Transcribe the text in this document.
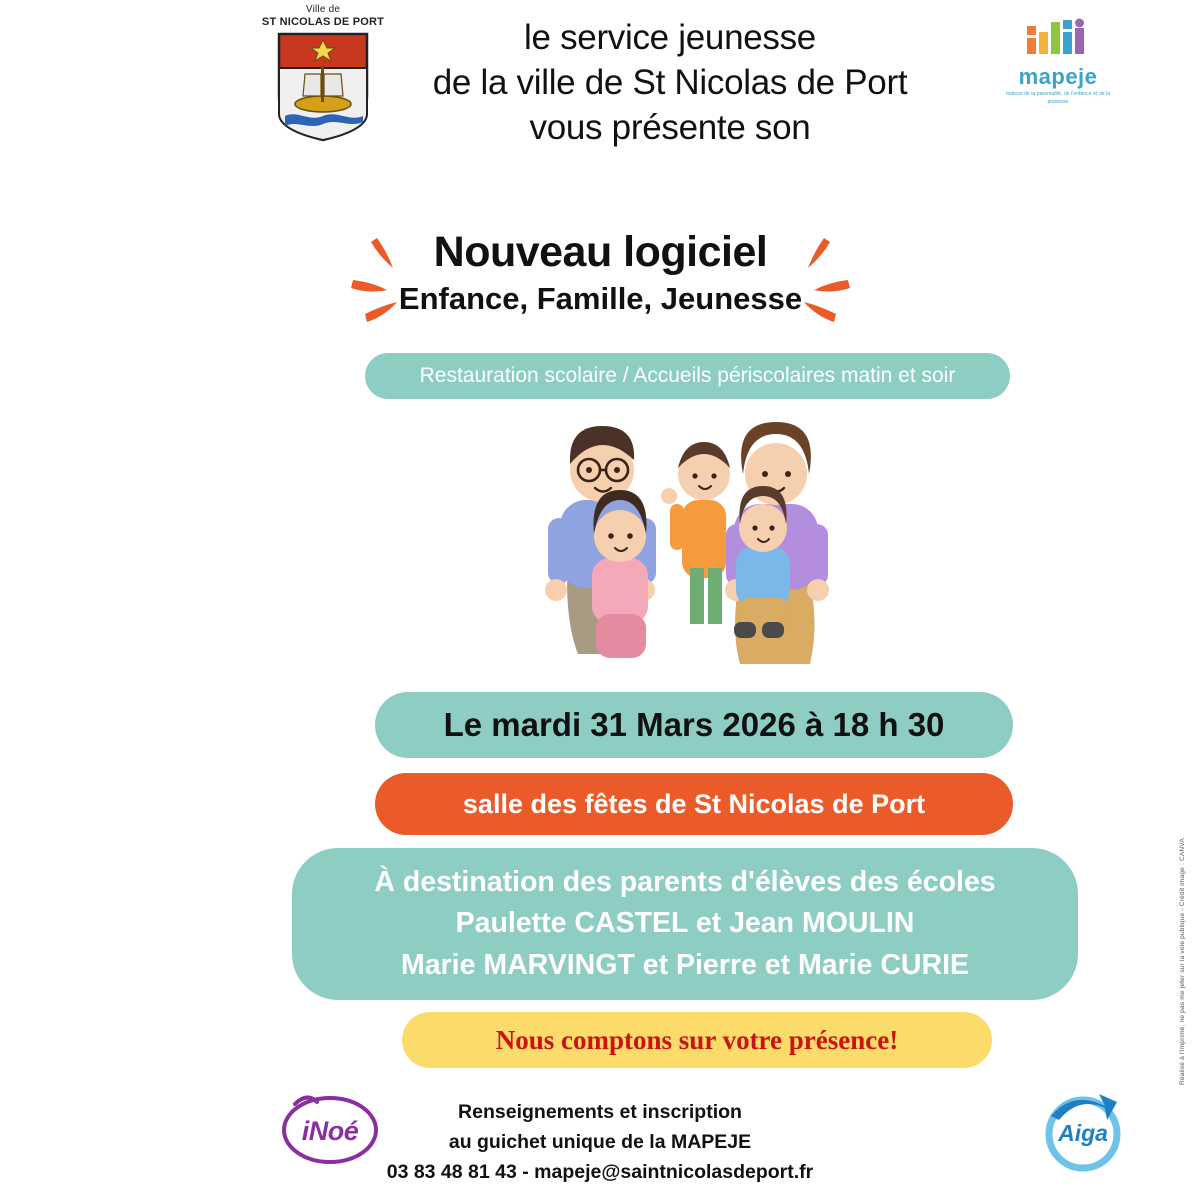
Ville de
ST NICOLAS DE PORT	le service jeunesse
de la ville de St Nicolas de Port
vous présente son
mapeje
maison de la parentalité, de l'enfance et de la jeunesse
Nouveau logiciel
Enfance, Famille, Jeunesse
Restauration scolaire / Accueils périscolaires matin et soir
Le mardi 31 Mars 2026 à 18 h 30
salle des fêtes de St Nicolas de Port
À destination des parents d'élèves des écoles
Paulette CASTEL et Jean MOULIN
Marie MARVINGT et Pierre et Marie CURIE
Nous comptons sur votre présence!
iNoé
Renseignements et inscription
au guichet unique de la MAPEJE
03 83 48 81 43 - mapeje@saintnicolasdeport.fr
Aiga
Réalisé à l'imprimé, ne pas me jeter sur la voie publique - Crédit image : CANVA
